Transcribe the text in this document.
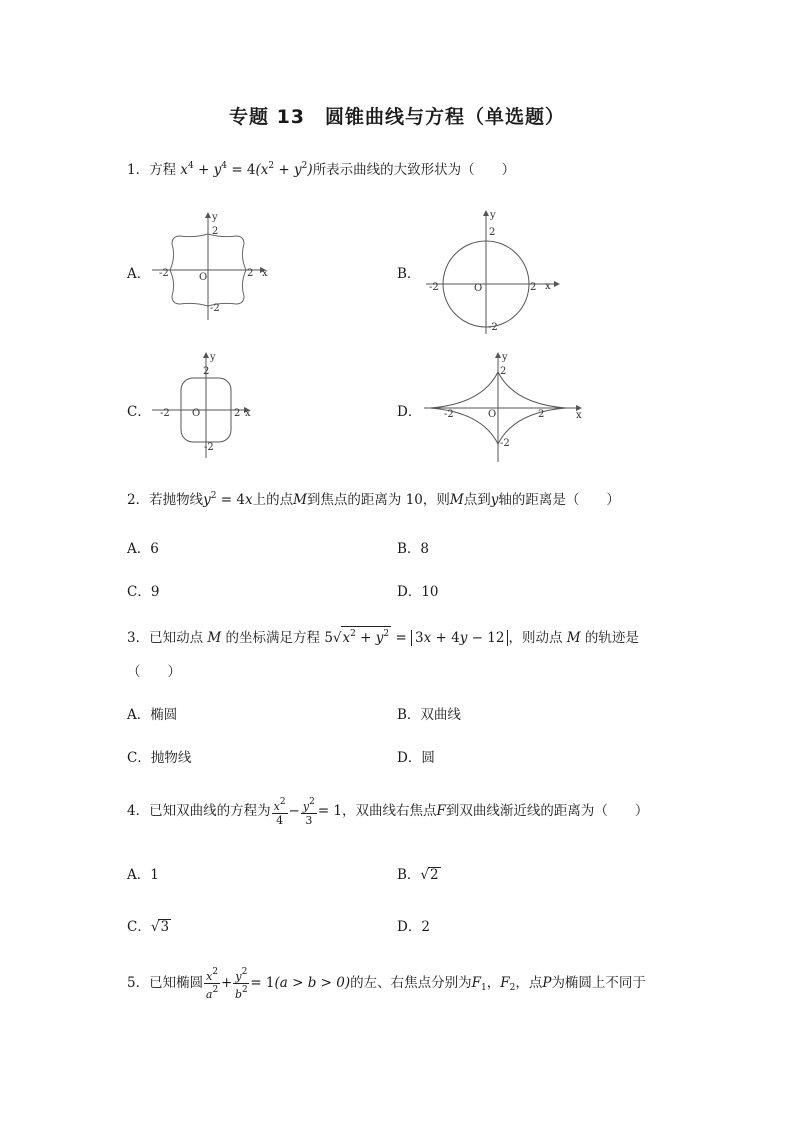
专题 13　圆锥曲线与方程（单选题）
1．方程 $x^4 + y^4 = 4(x^2 + y^2)$所表示曲线的大致形状为（　　）
A．
y
x
O
2
2
-2
-2
B．
y
x
O
2
2
-2
-2
C．
y
x
O
2
2
-2
-2
D．
y
x
O
2
2
-2
-2
2．若抛物线$y^2 = 4x$上的点M到焦点的距离为 10，则M点到y轴的距离是（　　）
A．6	B．8
C．9	D．10
3．已知动点 M 的坐标满足方程 $5√x^2 + y^2 = 3x + 4y - 12$ ，则动点 M 的轨迹是
（　　）
A．椭圆	B．双曲线
C．抛物线	D．圆
4．已知双曲线的方程为 $\frac{x^2}{4} - \frac{y^2}{3} = 1$，双曲线右焦点F到双曲线渐近线的距离为（　　）
A．1	B．√2
C．√3	D．2
5．已知椭圆 $\frac{x^2}{a^2} + \frac{y^2}{b^2} = 1(a > b > 0)$的左、右焦点分别为$F_1$，$F_2$，点P为椭圆上不同于
